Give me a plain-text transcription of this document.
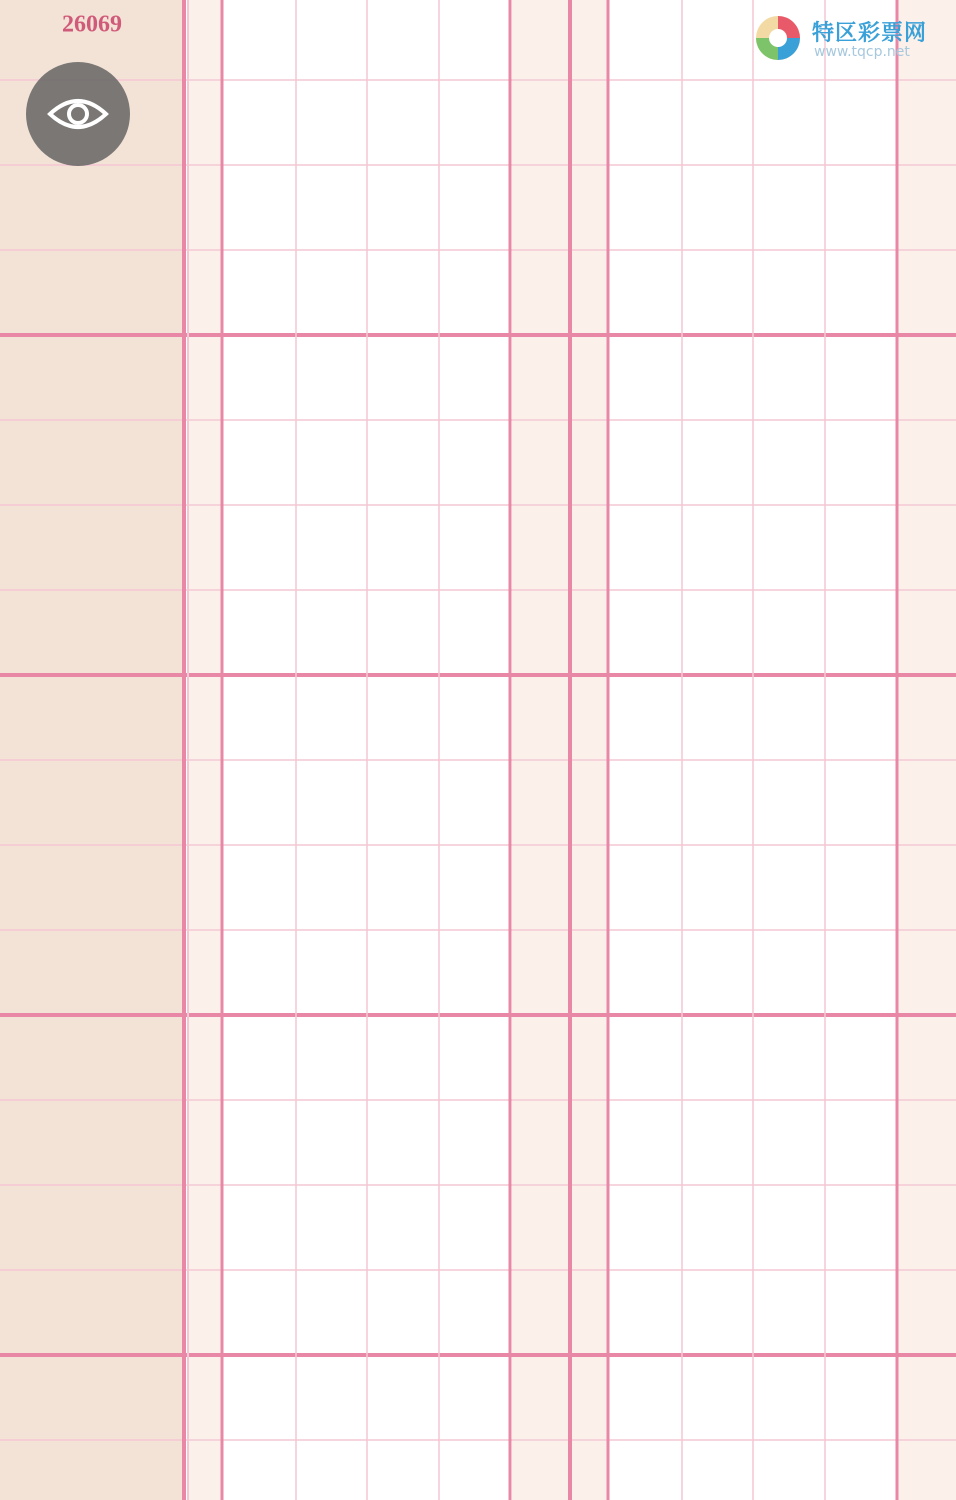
26069	特区彩票网
www.tqcp.net
